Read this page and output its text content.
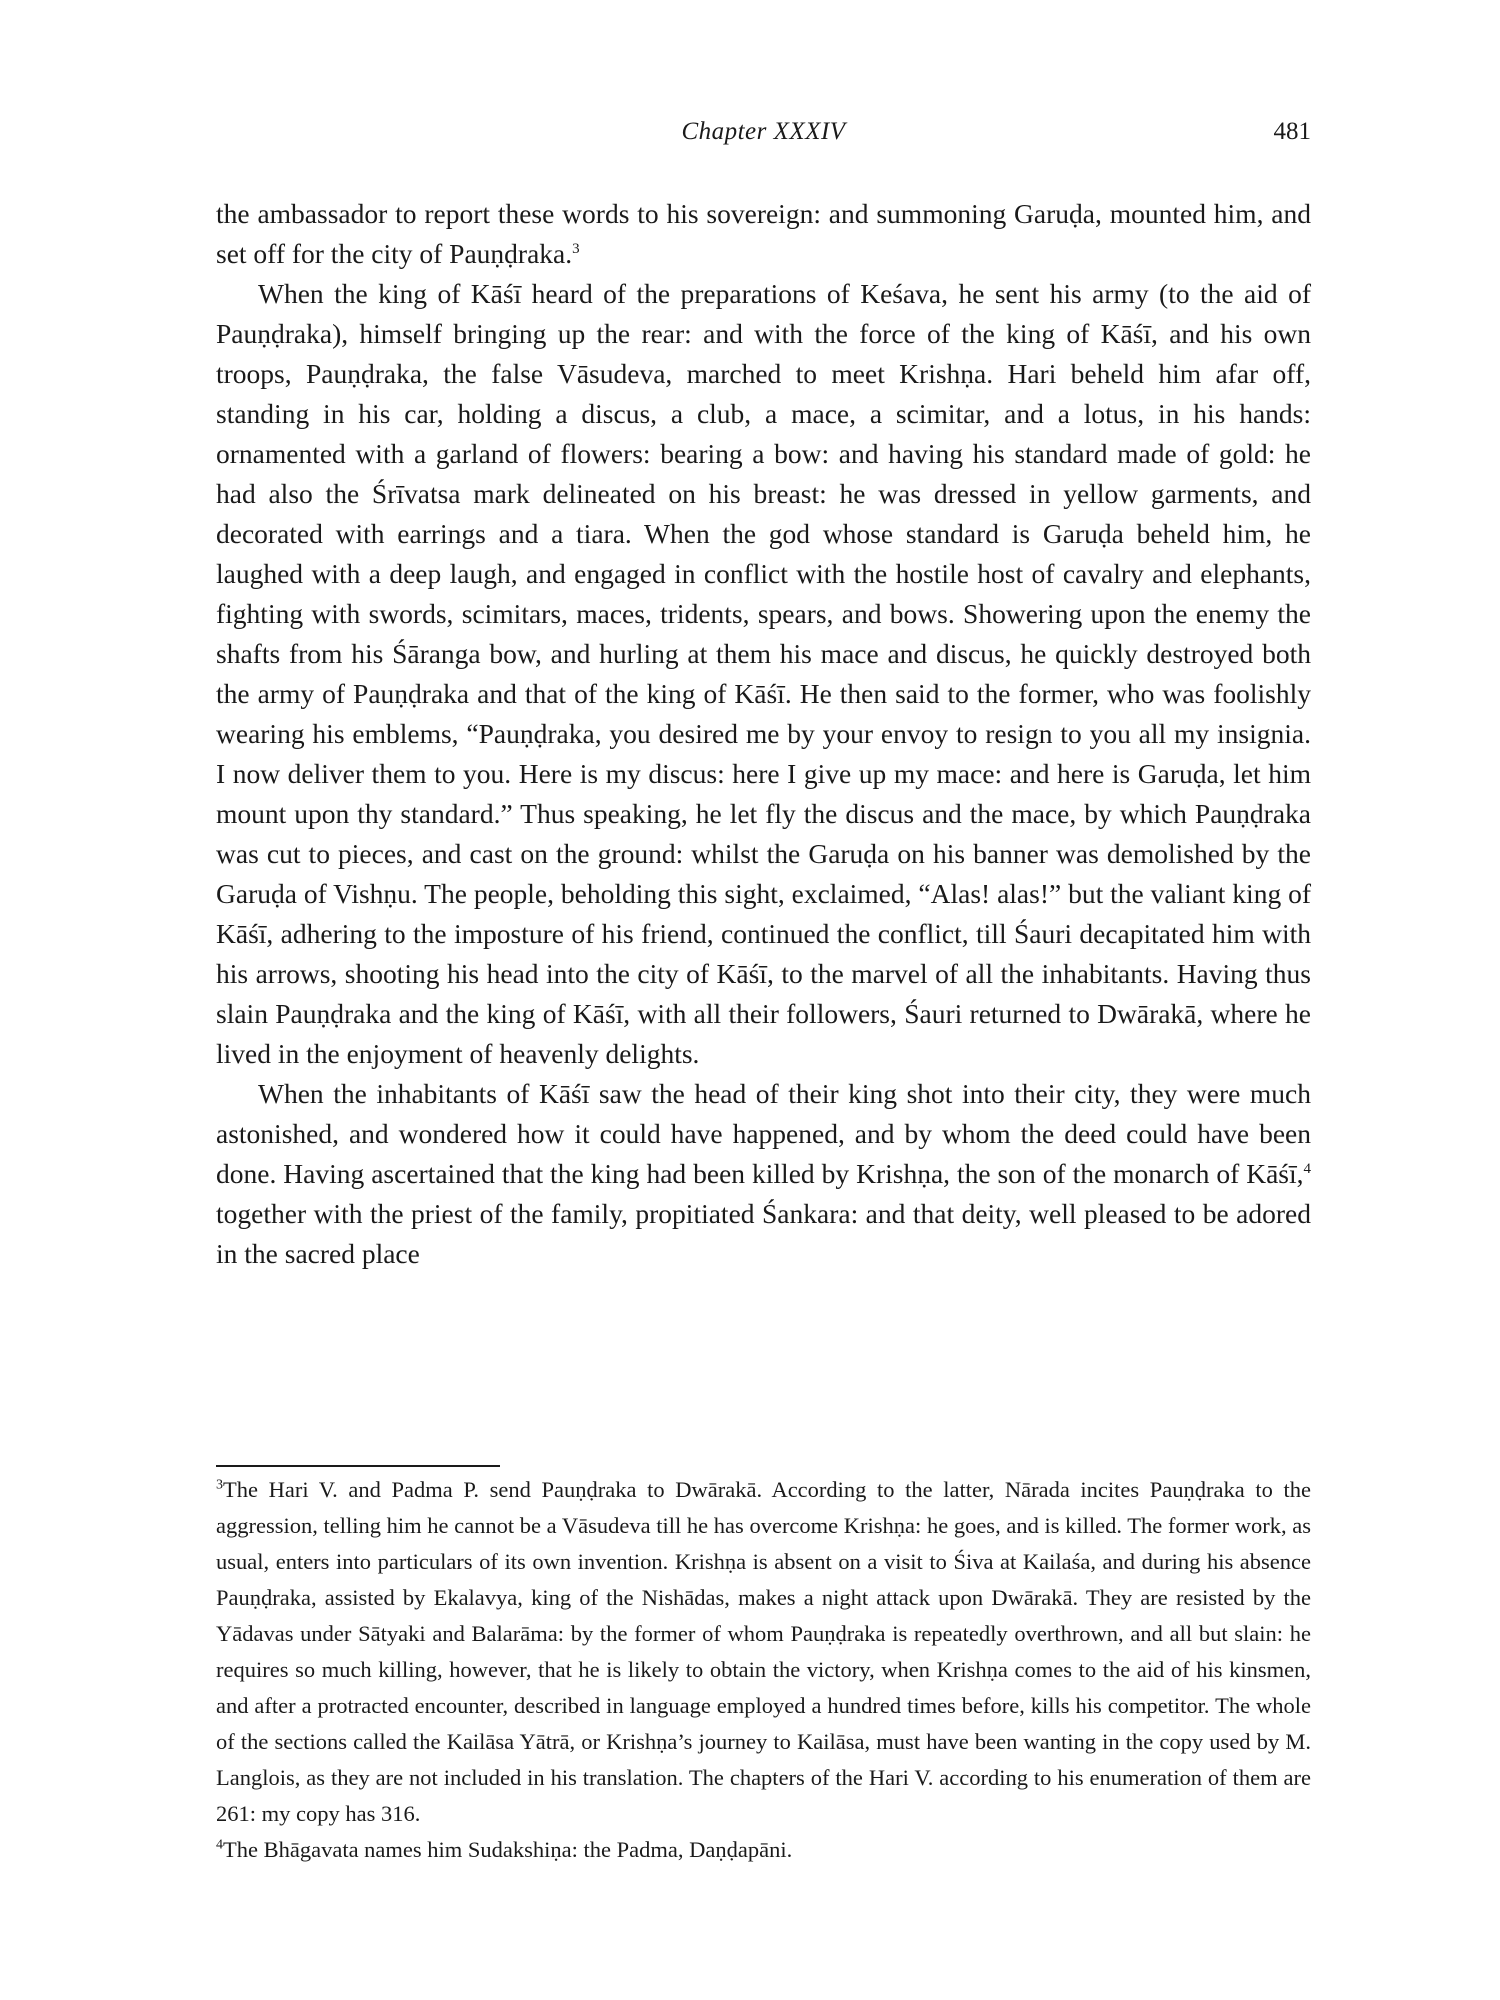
Chapter XXXIV	481

the ambassador to report these words to his sovereign: and summoning Garuḍa, mounted him, and set off for the city of Pauṇḍraka.$^3$

When the king of Kāśī heard of the preparations of Keśava, he sent his army (to the aid of Pauṇḍraka), himself bringing up the rear: and with the force of the king of Kāśī, and his own troops, Pauṇḍraka, the false Vāsudeva, marched to meet Krishṇa. Hari beheld him afar off, standing in his car, holding a discus, a club, a mace, a scimitar, and a lotus, in his hands: ornamented with a garland of flowers: bearing a bow: and having his standard made of gold: he had also the Śrīvatsa mark delineated on his breast: he was dressed in yellow garments, and decorated with earrings and a tiara. When the god whose standard is Garuḍa beheld him, he laughed with a deep laugh, and engaged in conflict with the hostile host of cavalry and elephants, fighting with swords, scimitars, maces, tridents, spears, and bows. Showering upon the enemy the shafts from his Śāranga bow, and hurling at them his mace and discus, he quickly destroyed both the army of Pauṇḍraka and that of the king of Kāśī. He then said to the former, who was foolishly wearing his emblems, “Pauṇḍraka, you desired me by your envoy to resign to you all my insignia. I now deliver them to you. Here is my discus: here I give up my mace: and here is Garuḍa, let him mount upon thy standard.” Thus speaking, he let fly the discus and the mace, by which Pauṇḍraka was cut to pieces, and cast on the ground: whilst the Garuḍa on his banner was demolished by the Garuḍa of Vishṇu. The people, beholding this sight, exclaimed, “Alas! alas!” but the valiant king of Kāśī, adhering to the imposture of his friend, continued the conflict, till Śauri decapitated him with his arrows, shooting his head into the city of Kāśī, to the marvel of all the inhabitants. Having thus slain Pauṇḍraka and the king of Kāśī, with all their followers, Śauri returned to Dwārakā, where he lived in the enjoyment of heavenly delights.

When the inhabitants of Kāśī saw the head of their king shot into their city, they were much astonished, and wondered how it could have happened, and by whom the deed could have been done. Having ascertained that the king had been killed by Krishṇa, the son of the monarch of Kāśī,$^4$ together with the priest of the family, propitiated Śankara: and that deity, well pleased to be adored in the sacred place

$^3$The Hari V. and Padma P. send Pauṇḍraka to Dwārakā. According to the latter, Nārada incites Pauṇḍraka to the aggression, telling him he cannot be a Vāsudeva till he has overcome Krishṇa: he goes, and is killed. The former work, as usual, enters into particulars of its own invention. Krishṇa is absent on a visit to Śiva at Kailaśa, and during his absence Pauṇḍraka, assisted by Ekalavya, king of the Nishādas, makes a night attack upon Dwārakā. They are resisted by the Yādavas under Sātyaki and Balarāma: by the former of whom Pauṇḍraka is repeatedly overthrown, and all but slain: he requires so much killing, however, that he is likely to obtain the victory, when Krishṇa comes to the aid of his kinsmen, and after a protracted encounter, described in language employed a hundred times before, kills his competitor. The whole of the sections called the Kailāsa Yātrā, or Krishṇa’s journey to Kailāsa, must have been wanting in the copy used by M. Langlois, as they are not included in his translation. The chapters of the Hari V. according to his enumeration of them are 261: my copy has 316.

$^4$The Bhāgavata names him Sudakshiṇa: the Padma, Daṇḍapāni.
